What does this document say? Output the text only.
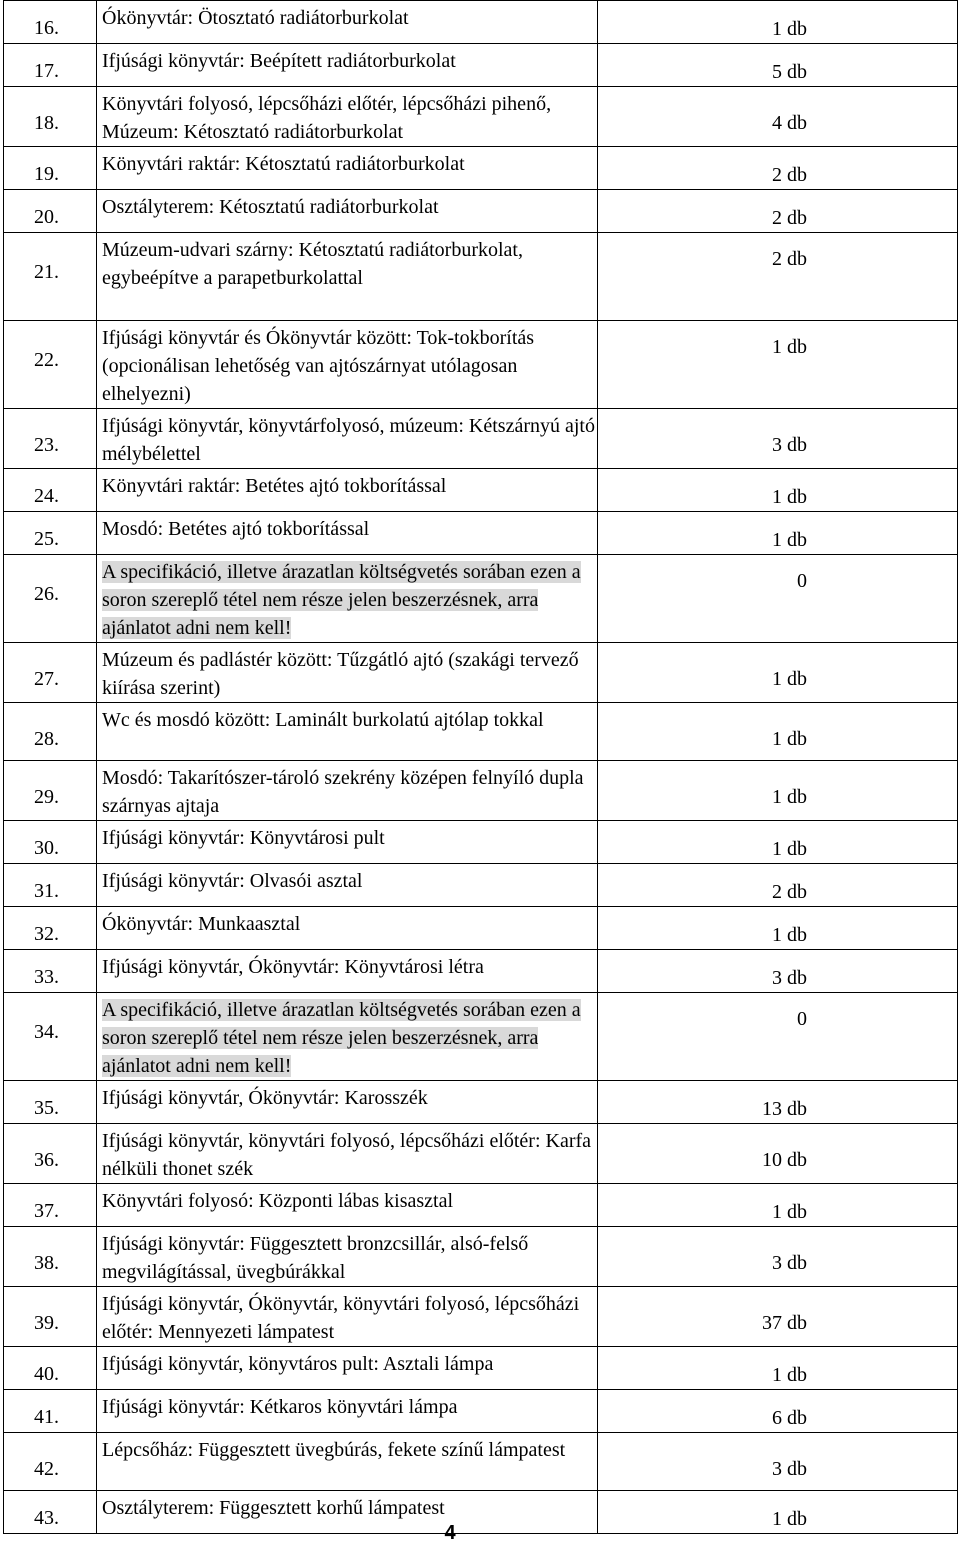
16.	Ókönyvtár: Ötosztató radiátorburkolat	1 db
17.	Ifjúsági könyvtár: Beépített radiátorburkolat	5 db
18.	Könyvtári folyosó, lépcsőházi előtér, lépcsőházi pihenő, Múzeum: Kétosztató radiátorburkolat	4 db
19.	Könyvtári raktár: Kétosztatú radiátorburkolat	2 db
20.	Osztályterem: Kétosztatú radiátorburkolat	2 db
21.	Múzeum-udvari szárny: Kétosztatú radiátorburkolat, egybeépítve a parapetburkolattal	2 db
22.	Ifjúsági könyvtár és Ókönyvtár között: Tok-tokborítás (opcionálisan lehetőség van ajtószárnyat utólagosan elhelyezni)	1 db
23.	Ifjúsági könyvtár, könyvtárfolyosó, múzeum: Kétszárnyú ajtó mélybélettel	3 db
24.	Könyvtári raktár: Betétes ajtó tokborítással	1 db
25.	Mosdó: Betétes ajtó tokborítással	1 db
26.	A specifikáció, illetve árazatlan költségvetés sorában ezen a soron szereplő tétel nem része jelen beszerzésnek, arra ajánlatot adni nem kell!	0
27.	Múzeum és padlástér között: Tűzgátló ajtó (szakági tervező kiírása szerint)	1 db
28.	Wc és mosdó között: Laminált burkolatú ajtólap tokkal	1 db
29.	Mosdó: Takarítószer-tároló szekrény középen felnyíló dupla szárnyas ajtaja	1 db
30.	Ifjúsági könyvtár: Könyvtárosi pult	1 db
31.	Ifjúsági könyvtár: Olvasói asztal	2 db
32.	Ókönyvtár: Munkaasztal	1 db
33.	Ifjúsági könyvtár, Ókönyvtár: Könyvtárosi létra	3 db
34.	A specifikáció, illetve árazatlan költségvetés sorában ezen a soron szereplő tétel nem része jelen beszerzésnek, arra ajánlatot adni nem kell!	0
35.	Ifjúsági könyvtár, Ókönyvtár: Karosszék	13 db
36.	Ifjúsági könyvtár, könyvtári folyosó, lépcsőházi előtér: Karfa nélküli thonet szék	10 db
37.	Könyvtári folyosó: Központi lábas kisasztal	1 db
38.	Ifjúsági könyvtár: Függesztett bronzcsillár, alsó-felső megvilágítással, üvegbúrákkal	3 db
39.	Ifjúsági könyvtár, Ókönyvtár, könyvtári folyosó, lépcsőházi előtér: Mennyezeti lámpatest	37 db
40.	Ifjúsági könyvtár, könyvtáros pult: Asztali lámpa	1 db
41.	Ifjúsági könyvtár: Kétkaros könyvtári lámpa	6 db
42.	Lépcsőház: Függesztett üvegbúrás, fekete színű lámpatest	3 db
43.	Osztályterem: Függesztett korhű lámpatest	1 db
4
